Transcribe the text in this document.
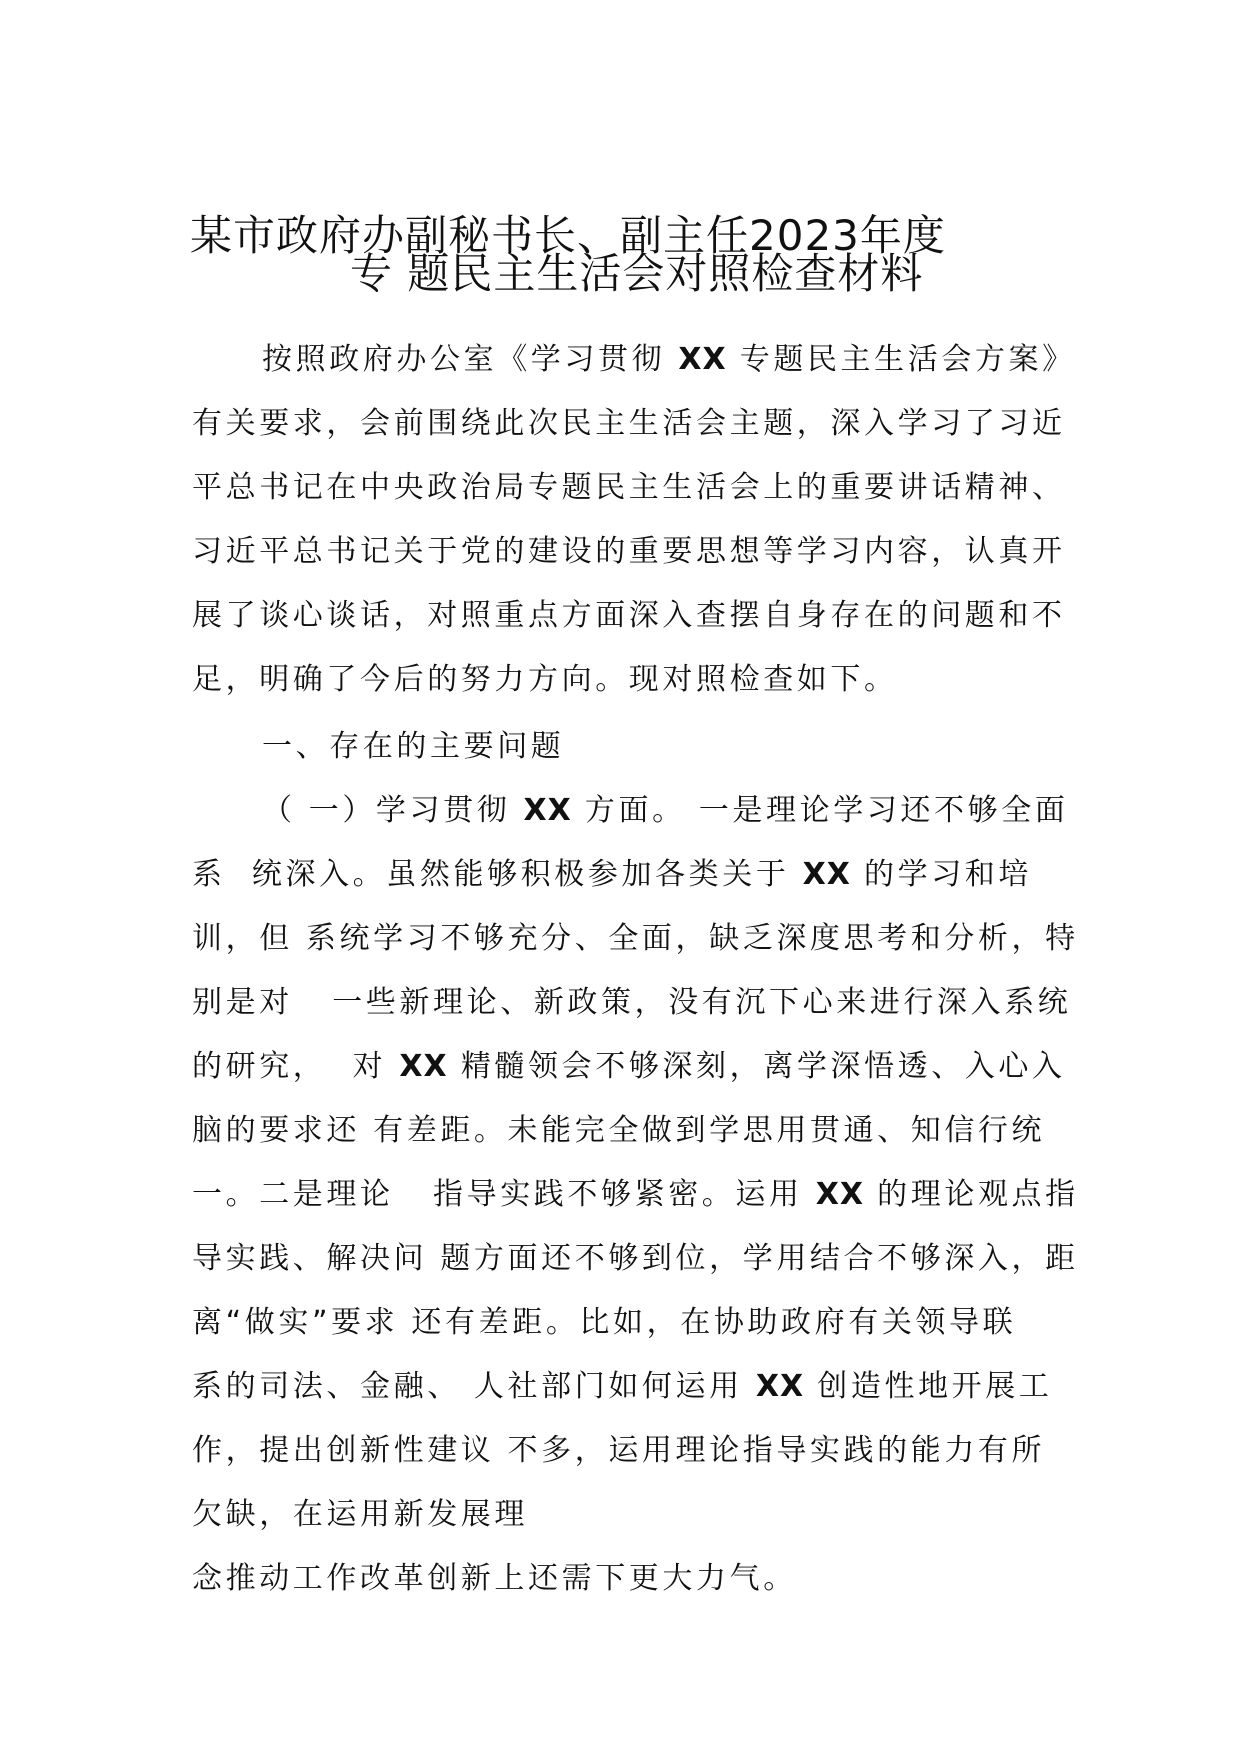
某市政府办副秘书长、副主任2023年度
专 题民主生活会对照检查材料
按照政府办公室《学习贯彻 XX 专题民主生活会方案》
有关要求，会前围绕此次民主生活会主题，深入学习了习近
平总书记在中央政治局专题民主生活会上的重要讲话精神、
习近平总书记关于党的建设的重要思想等学习内容，认真开
展了谈心谈话，对照重点方面深入查摆自身存在的问题和不
足，明确了今后的努力方向。现对照检查如下。
一、存在的主要问题
（ 一）学习贯彻 XX 方面。 一是理论学习还不够全面
系  统深入。虽然能够积极参加各类关于 XX 的学习和培
训，但 系统学习不够充分、全面，缺乏深度思考和分析，特
别是对   一些新理论、新政策，没有沉下心来进行深入系统
的研究，  对 XX 精髓领会不够深刻，离学深悟透、入心入
脑的要求还 有差距。未能完全做到学思用贯通、知信行统
一。二是理论   指导实践不够紧密。运用 XX 的理论观点指
导实践、解决问 题方面还不够到位，学用结合不够深入，距
离“做实”要求 还有差距。比如，在协助政府有关领导联
系的司法、金融、 人社部门如何运用 XX 创造性地开展工
作，提出创新性建议 不多，运用理论指导实践的能力有所
欠缺，在运用新发展理
念推动工作改革创新上还需下更大力气。
